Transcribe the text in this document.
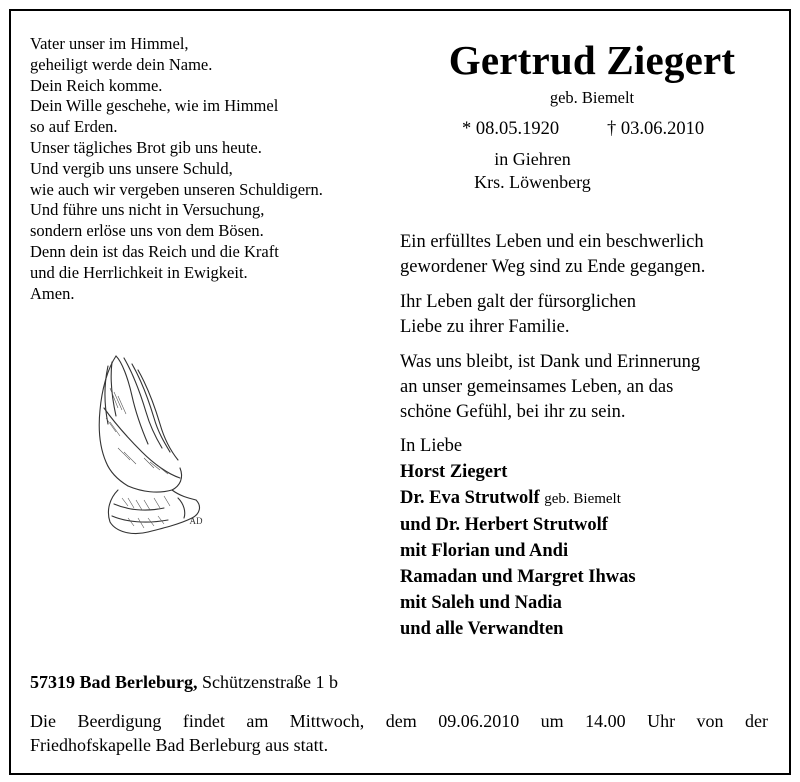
Vater unser im Himmel,
geheiligt werde dein Name.
Dein Reich komme.
Dein Wille geschehe, wie im Himmel
so auf Erden.
Unser tägliches Brot gib uns heute.
Und vergib uns unsere Schuld,
wie auch wir vergeben unseren Schuldigern.
Und führe uns nicht in Versuchung,
sondern erlöse uns von dem Bösen.
Denn dein ist das Reich und die Kraft
und die Herrlichkeit in Ewigkeit.
Amen.
AD
Gertrud Ziegert
geb. Biemelt
* 08.05.1920	† 03.06.2010
in Giehren
Krs. Löwenberg
Ein erfülltes Leben und ein beschwerlich
gewordener Weg sind zu Ende gegangen.
Ihr Leben galt der fürsorglichen
Liebe zu ihrer Familie.
Was uns bleibt, ist Dank und Erinnerung
an unser gemeinsames Leben, an das
schöne Gefühl, bei ihr zu sein.
In Liebe
Horst Ziegert
Dr. Eva Strutwolf geb. Biemelt
und Dr. Herbert Strutwolf
mit Florian und Andi
Ramadan und Margret Ihwas
mit Saleh und Nadia
und alle Verwandten
57319 Bad Berleburg, Schützenstraße 1 b
Die Beerdigung findet am Mittwoch, dem 09.06.2010 um 14.00 Uhr von der
Friedhofskapelle Bad Berleburg aus statt.
